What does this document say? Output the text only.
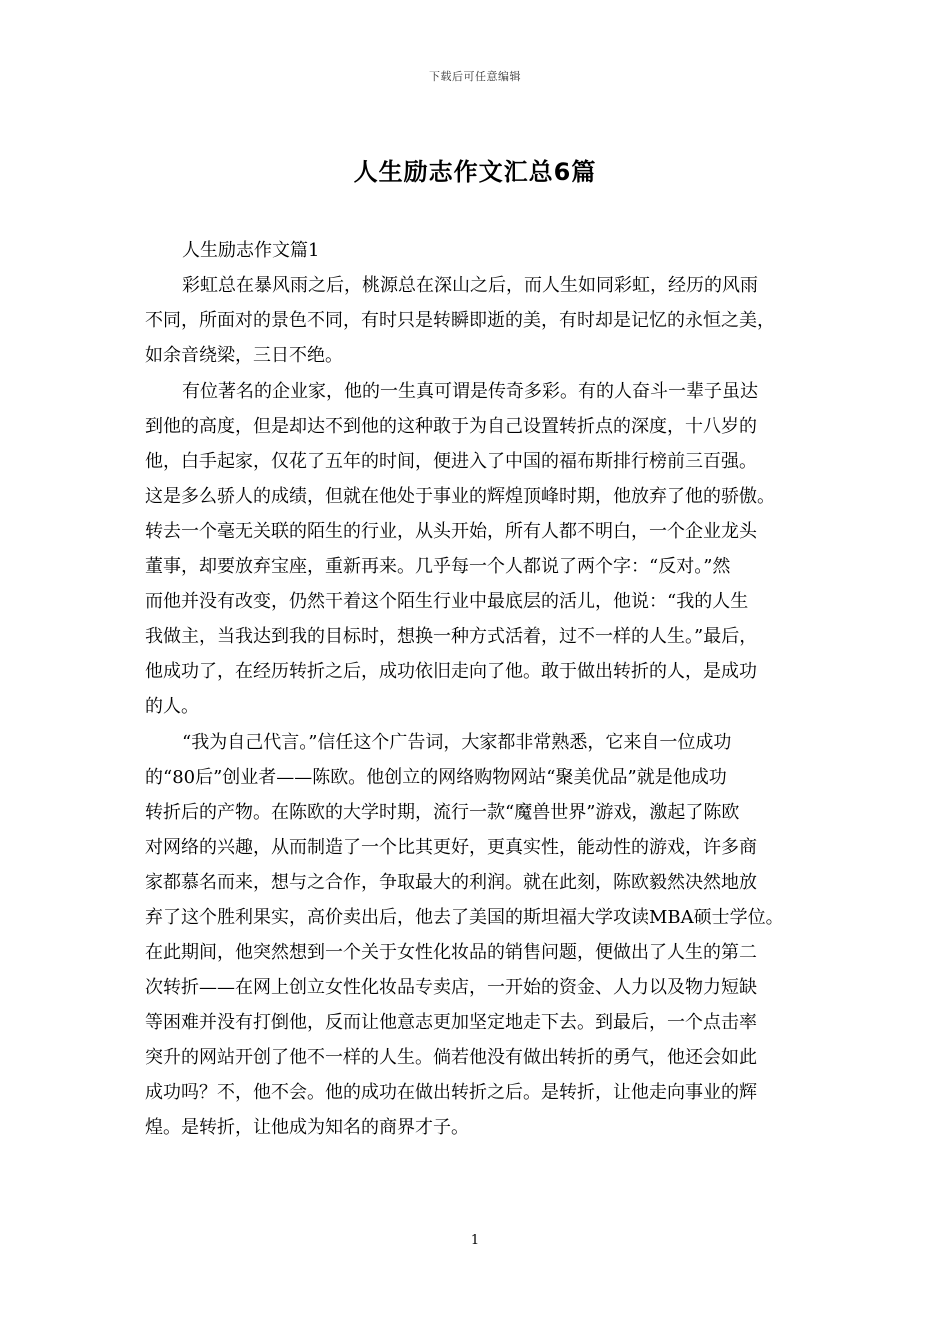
下载后可任意编辑
人生励志作文汇总6篇
人生励志作文篇1
彩虹总在暴风雨之后，桃源总在深山之后，而人生如同彩虹，经历的风雨
不同，所面对的景色不同，有时只是转瞬即逝的美，有时却是记忆的永恒之美，
如余音绕梁，三日不绝。
有位著名的企业家，他的一生真可谓是传奇多彩。有的人奋斗一辈子虽达
到他的高度，但是却达不到他的这种敢于为自己设置转折点的深度，十八岁的
他，白手起家，仅花了五年的时间，便进入了中国的福布斯排行榜前三百强。
这是多么骄人的成绩，但就在他处于事业的辉煌顶峰时期，他放弃了他的骄傲。
转去一个毫无关联的陌生的行业，从头开始，所有人都不明白，一个企业龙头
董事，却要放弃宝座，重新再来。几乎每一个人都说了两个字：“反对。”然
而他并没有改变，仍然干着这个陌生行业中最底层的活儿，他说：“我的人生
我做主，当我达到我的目标时，想换一种方式活着，过不一样的人生。”最后，
他成功了，在经历转折之后，成功依旧走向了他。敢于做出转折的人，是成功
的人。
“我为自己代言。”信任这个广告词，大家都非常熟悉，它来自一位成功
的“80后”创业者——陈欧。他创立的网络购物网站“聚美优品”就是他成功
转折后的产物。在陈欧的大学时期，流行一款“魔兽世界”游戏，激起了陈欧
对网络的兴趣，从而制造了一个比其更好，更真实性，能动性的游戏，许多商
家都慕名而来，想与之合作，争取最大的利润。就在此刻，陈欧毅然决然地放
弃了这个胜利果实，高价卖出后，他去了美国的斯坦福大学攻读MBA硕士学位。
在此期间，他突然想到一个关于女性化妆品的销售问题，便做出了人生的第二
次转折——在网上创立女性化妆品专卖店，一开始的资金、人力以及物力短缺
等困难并没有打倒他，反而让他意志更加坚定地走下去。到最后，一个点击率
突升的网站开创了他不一样的人生。倘若他没有做出转折的勇气，他还会如此
成功吗？不，他不会。他的成功在做出转折之后。是转折，让他走向事业的辉
煌。是转折，让他成为知名的商界才子。
1
